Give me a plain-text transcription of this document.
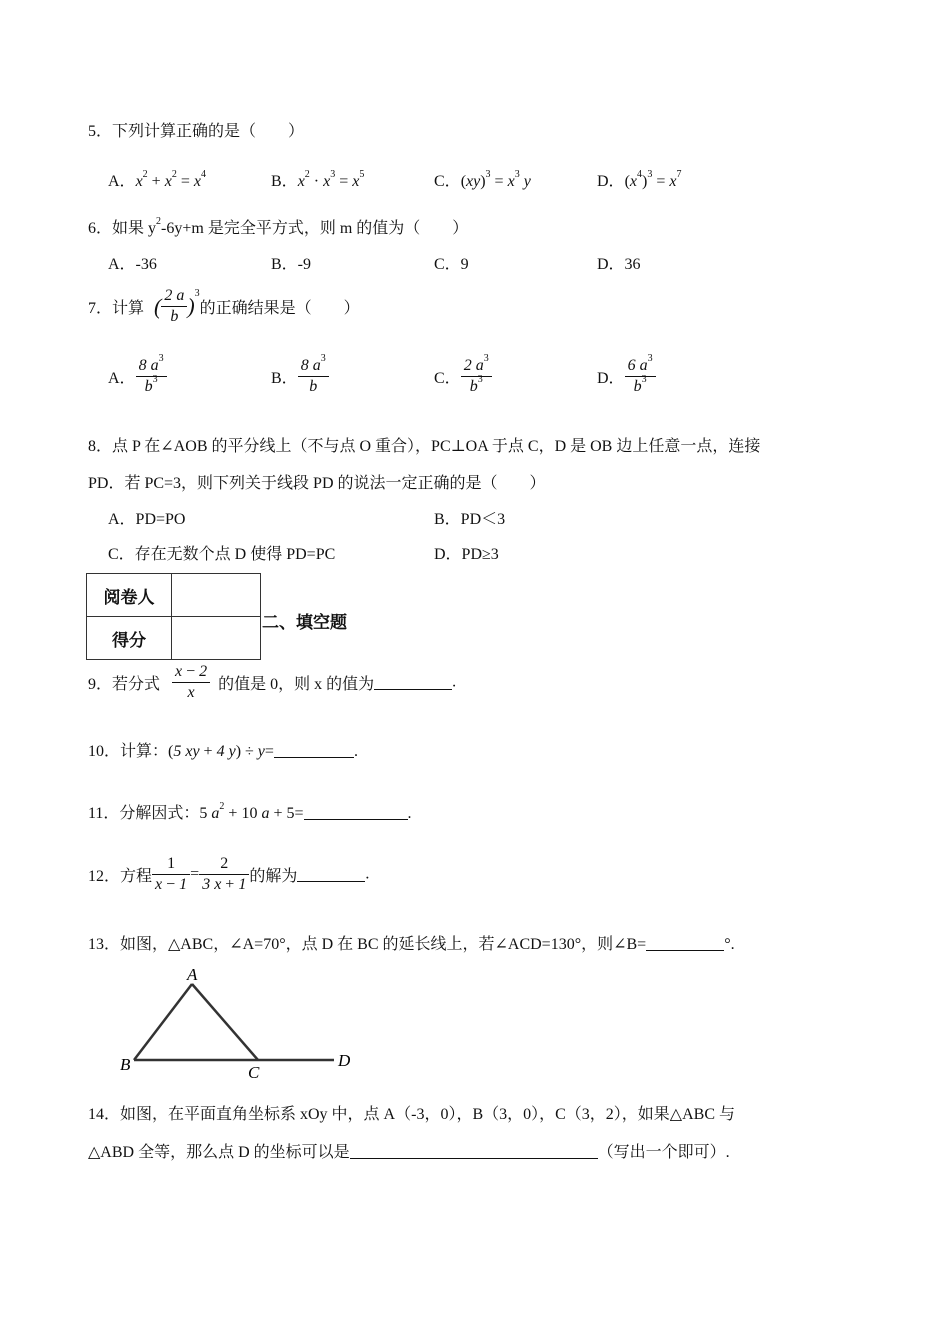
5．下列计算正确的是（　　）
A．$x^2 + x^2 = x^4$	B．$x^2 \cdot x^3 = x^5$	C．$(xy)^3 = x^3$ y	D．$(x^4)^3 = x^7$
6．如果 $y^2-6y+m$ 是完全平方式，则 m 的值为（　　）
A．-36	B．-9	C．9	D．36
7．计算 ( $\frac{2 a}{b} )^3$的正确结果是（　　）
A． $\frac{8 a^3}{b^3}$	B． $\frac{8 a^3}{b}$	C． $\frac{2 a^3}{b^3}$	D． $\frac{6 a^3}{b^3}$
8．点 P 在∠AOB 的平分线上（不与点 O 重合），PC⊥OA 于点 C，D 是 OB 边上任意一点，连接
PD．若 PC=3，则下列关于线段 PD 的说法一定正确的是（　　）
A．PD=PO	B．PD＜3
C．存在无数个点 D 使得 PD=PC	D．PD≥3
阅卷人	
得分	
二、填空题
9．若分式 $\frac{x - 2}{x}$ 的值是 0，则 x 的值为	.
10．计算：(5 xy + 4 y) ÷ y=	.
11．分解因式：5 $a^2 + 10$ a + 5=	.
12．方程 $\frac{1}{x - 1} = \frac{2}{3 x + 1}$ 的解为	.
13．如图，△ABC，∠A=70°，点 D 在 BC 的延长线上，若∠ACD=130°，则∠B=	°.
A
B	C
D
14．如图，在平面直角坐标系 xOy 中，点 A（-3，0），B（3，0），C（3，2），如果△ABC 与
△ABD 全等，那么点 D 的坐标可以是	（写出一个即可）.
